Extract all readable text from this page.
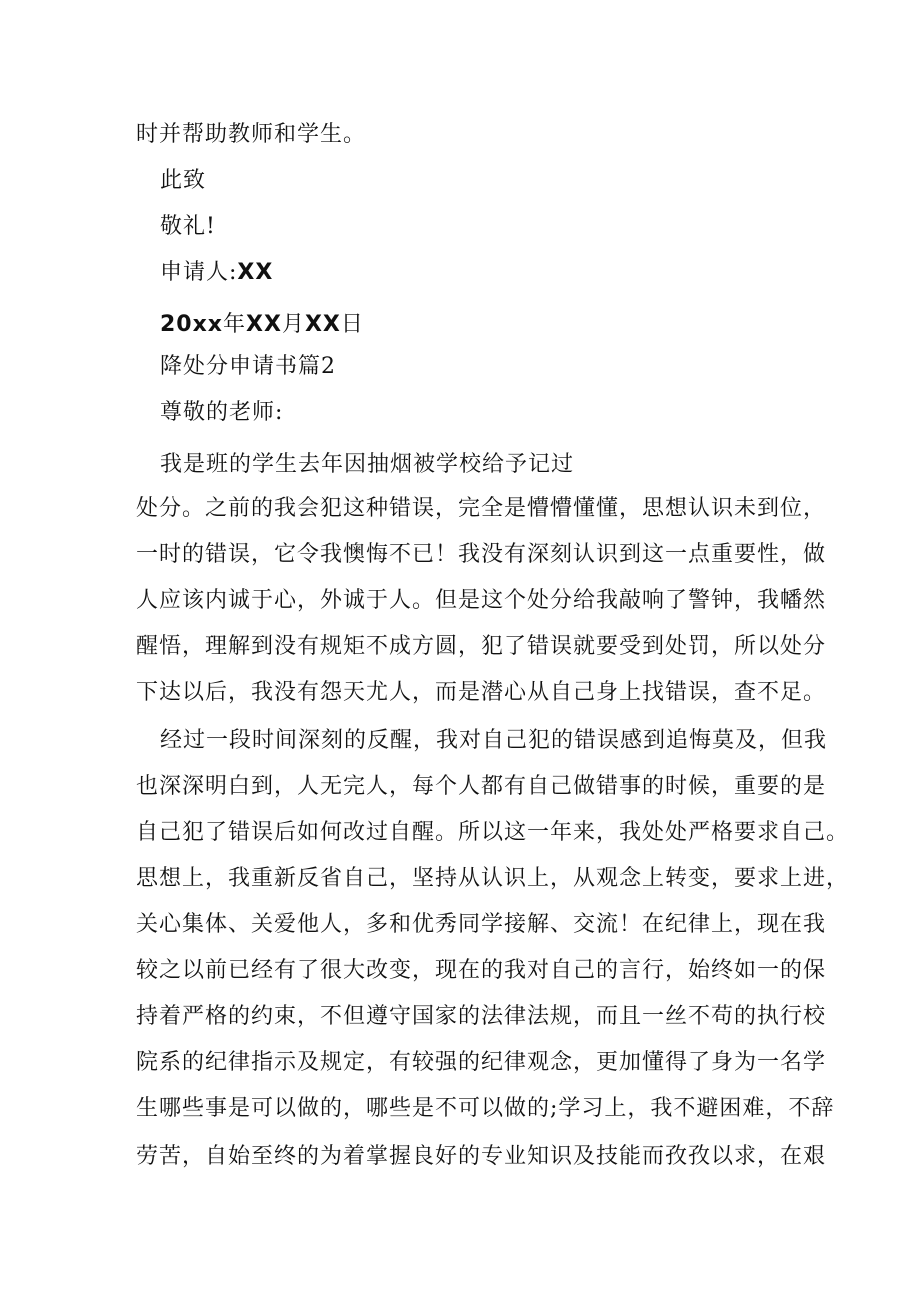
时并帮助教师和学生。
此致
敬礼!
申请人:XX
20xx年XX月XX日
降处分申请书篇2
尊敬的老师:
我是班的学生去年因抽烟被学校给予记过
处分。之前的我会犯这种错误，完全是懵懵懂懂，思想认识未到位，
一时的错误，它令我懊悔不已！我没有深刻认识到这一点重要性，做
人应该内诚于心，外诚于人。但是这个处分给我敲响了警钟，我幡然
醒悟，理解到没有规矩不成方圆，犯了错误就要受到处罚，所以处分
下达以后，我没有怨天尤人，而是潜心从自己身上找错误，查不足。
经过一段时间深刻的反醒，我对自己犯的错误感到追悔莫及，但我
也深深明白到，人无完人，每个人都有自己做错事的时候，重要的是
自己犯了错误后如何改过自醒。所以这一年来，我处处严格要求自己。
思想上，我重新反省自己，坚持从认识上，从观念上转变，要求上进，
关心集体、关爱他人，多和优秀同学接解、交流！在纪律上，现在我
较之以前已经有了很大改变，现在的我对自己的言行，始终如一的保
持着严格的约束，不但遵守国家的法律法规，而且一丝不苟的执行校
院系的纪律指示及规定，有较强的纪律观念，更加懂得了身为一名学
生哪些事是可以做的，哪些是不可以做的;学习上，我不避困难，不辞
劳苦，自始至终的为着掌握良好的专业知识及技能而孜孜以求，在艰
